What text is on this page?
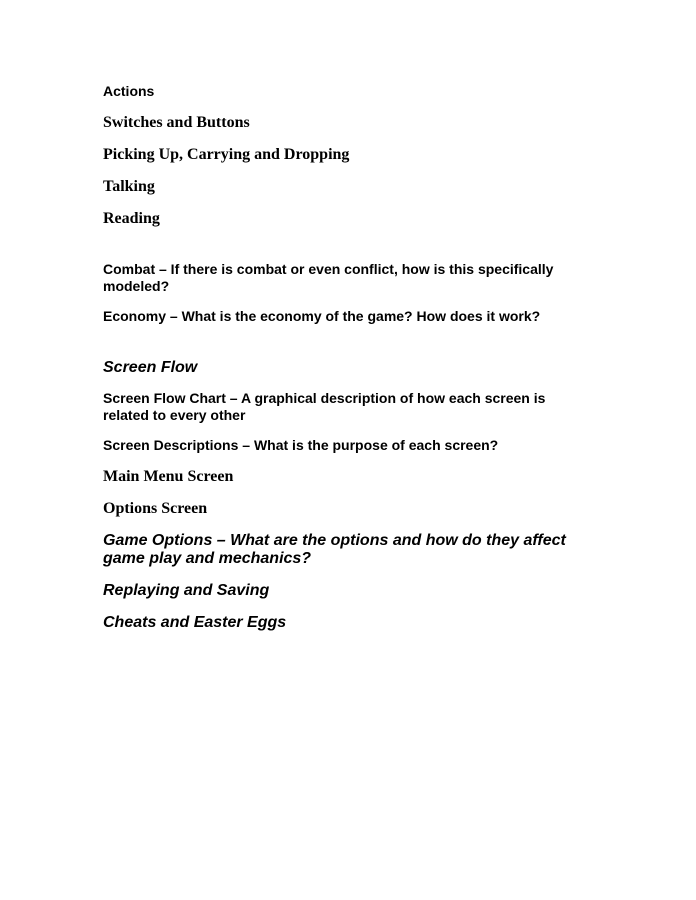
Actions

Switches and Buttons

Picking Up, Carrying and Dropping

Talking

Reading

Combat – If there is combat or even conflict, how is this specifically modeled?

Economy – What is the economy of the game? How does it work?

Screen Flow

Screen Flow Chart – A graphical description of how each screen is related to every other

Screen Descriptions – What is the purpose of each screen?

Main Menu Screen

Options Screen

Game Options – What are the options and how do they affect game play and mechanics?

Replaying and Saving

Cheats and Easter Eggs
